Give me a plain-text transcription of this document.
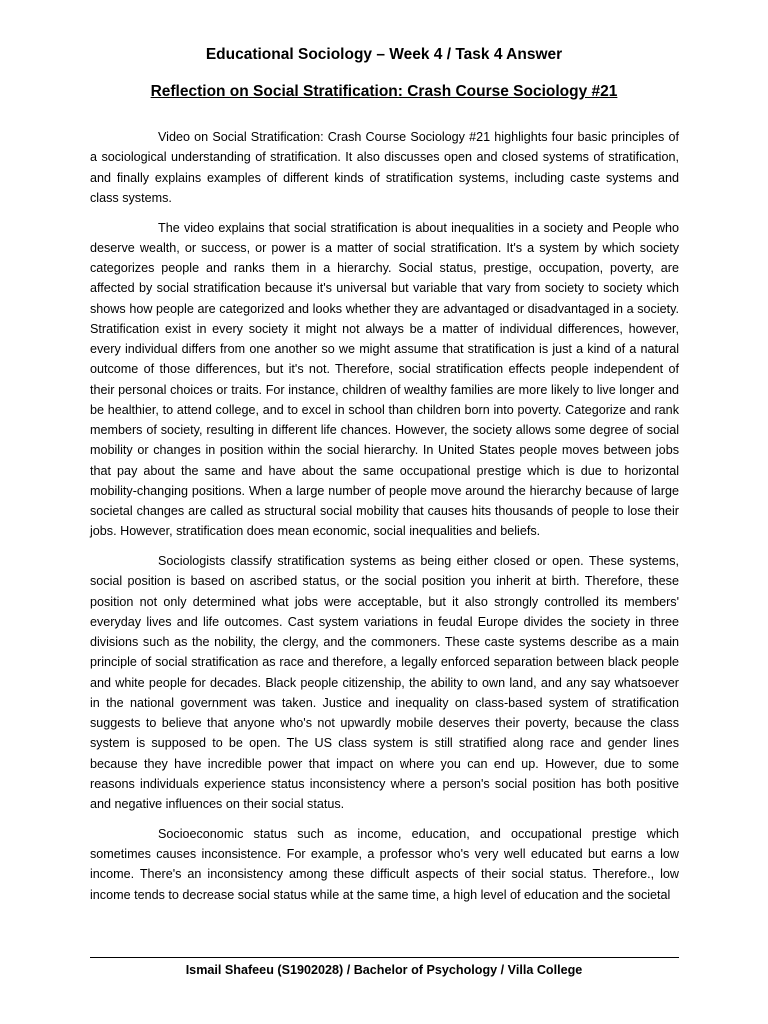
Educational Sociology – Week 4 / Task 4 Answer
Reflection on Social Stratification: Crash Course Sociology #21

Video on Social Stratification: Crash Course Sociology #21 highlights four basic principles of a sociological understanding of stratification. It also discusses open and closed systems of stratification, and finally explains examples of different kinds of stratification systems, including caste systems and class systems.

The video explains that social stratification is about inequalities in a society and People who deserve wealth, or success, or power is a matter of social stratification. It's a system by which society categorizes people and ranks them in a hierarchy. Social status, prestige, occupation, poverty, are affected by social stratification because it's universal but variable that vary from society to society which shows how people are categorized and looks whether they are advantaged or disadvantaged in a society. Stratification exist in every society it might not always be a matter of individual differences, however, every individual differs from one another so we might assume that stratification is just a kind of a natural outcome of those differences, but it's not. Therefore, social stratification effects people independent of their personal choices or traits. For instance, children of wealthy families are more likely to live longer and be healthier, to attend college, and to excel in school than children born into poverty. Categorize and rank members of society, resulting in different life chances. However, the society allows some degree of social mobility or changes in position within the social hierarchy. In United States people moves between jobs that pay about the same and have about the same occupational prestige which is due to horizontal mobility-changing positions. When a large number of people move around the hierarchy because of large societal changes are called as structural social mobility that causes hits thousands of people to lose their jobs. However, stratification does mean economic, social inequalities and beliefs.

Sociologists classify stratification systems as being either closed or open. These systems, social position is based on ascribed status, or the social position you inherit at birth. Therefore, these position not only determined what jobs were acceptable, but it also strongly controlled its members' everyday lives and life outcomes. Cast system variations in feudal Europe divides the society in three divisions such as the nobility, the clergy, and the commoners. These caste systems describe as a main principle of social stratification as race and therefore, a legally enforced separation between black people and white people for decades. Black people citizenship, the ability to own land, and any say whatsoever in the national government was taken. Justice and inequality on class-based system of stratification suggests to believe that anyone who's not upwardly mobile deserves their poverty, because the class system is supposed to be open. The US class system is still stratified along race and gender lines because they have incredible power that impact on where you can end up. However, due to some reasons individuals experience status inconsistency where a person's social position has both positive and negative influences on their social status.

Socioeconomic status such as income, education, and occupational prestige which sometimes causes inconsistence. For example, a professor who's very well educated but earns a low income. There's an inconsistency among these difficult aspects of their social status. Therefore., low income tends to decrease social status while at the same time, a high level of education and the societal

Ismail Shafeeu (S1902028) / Bachelor of Psychology / Villa College
